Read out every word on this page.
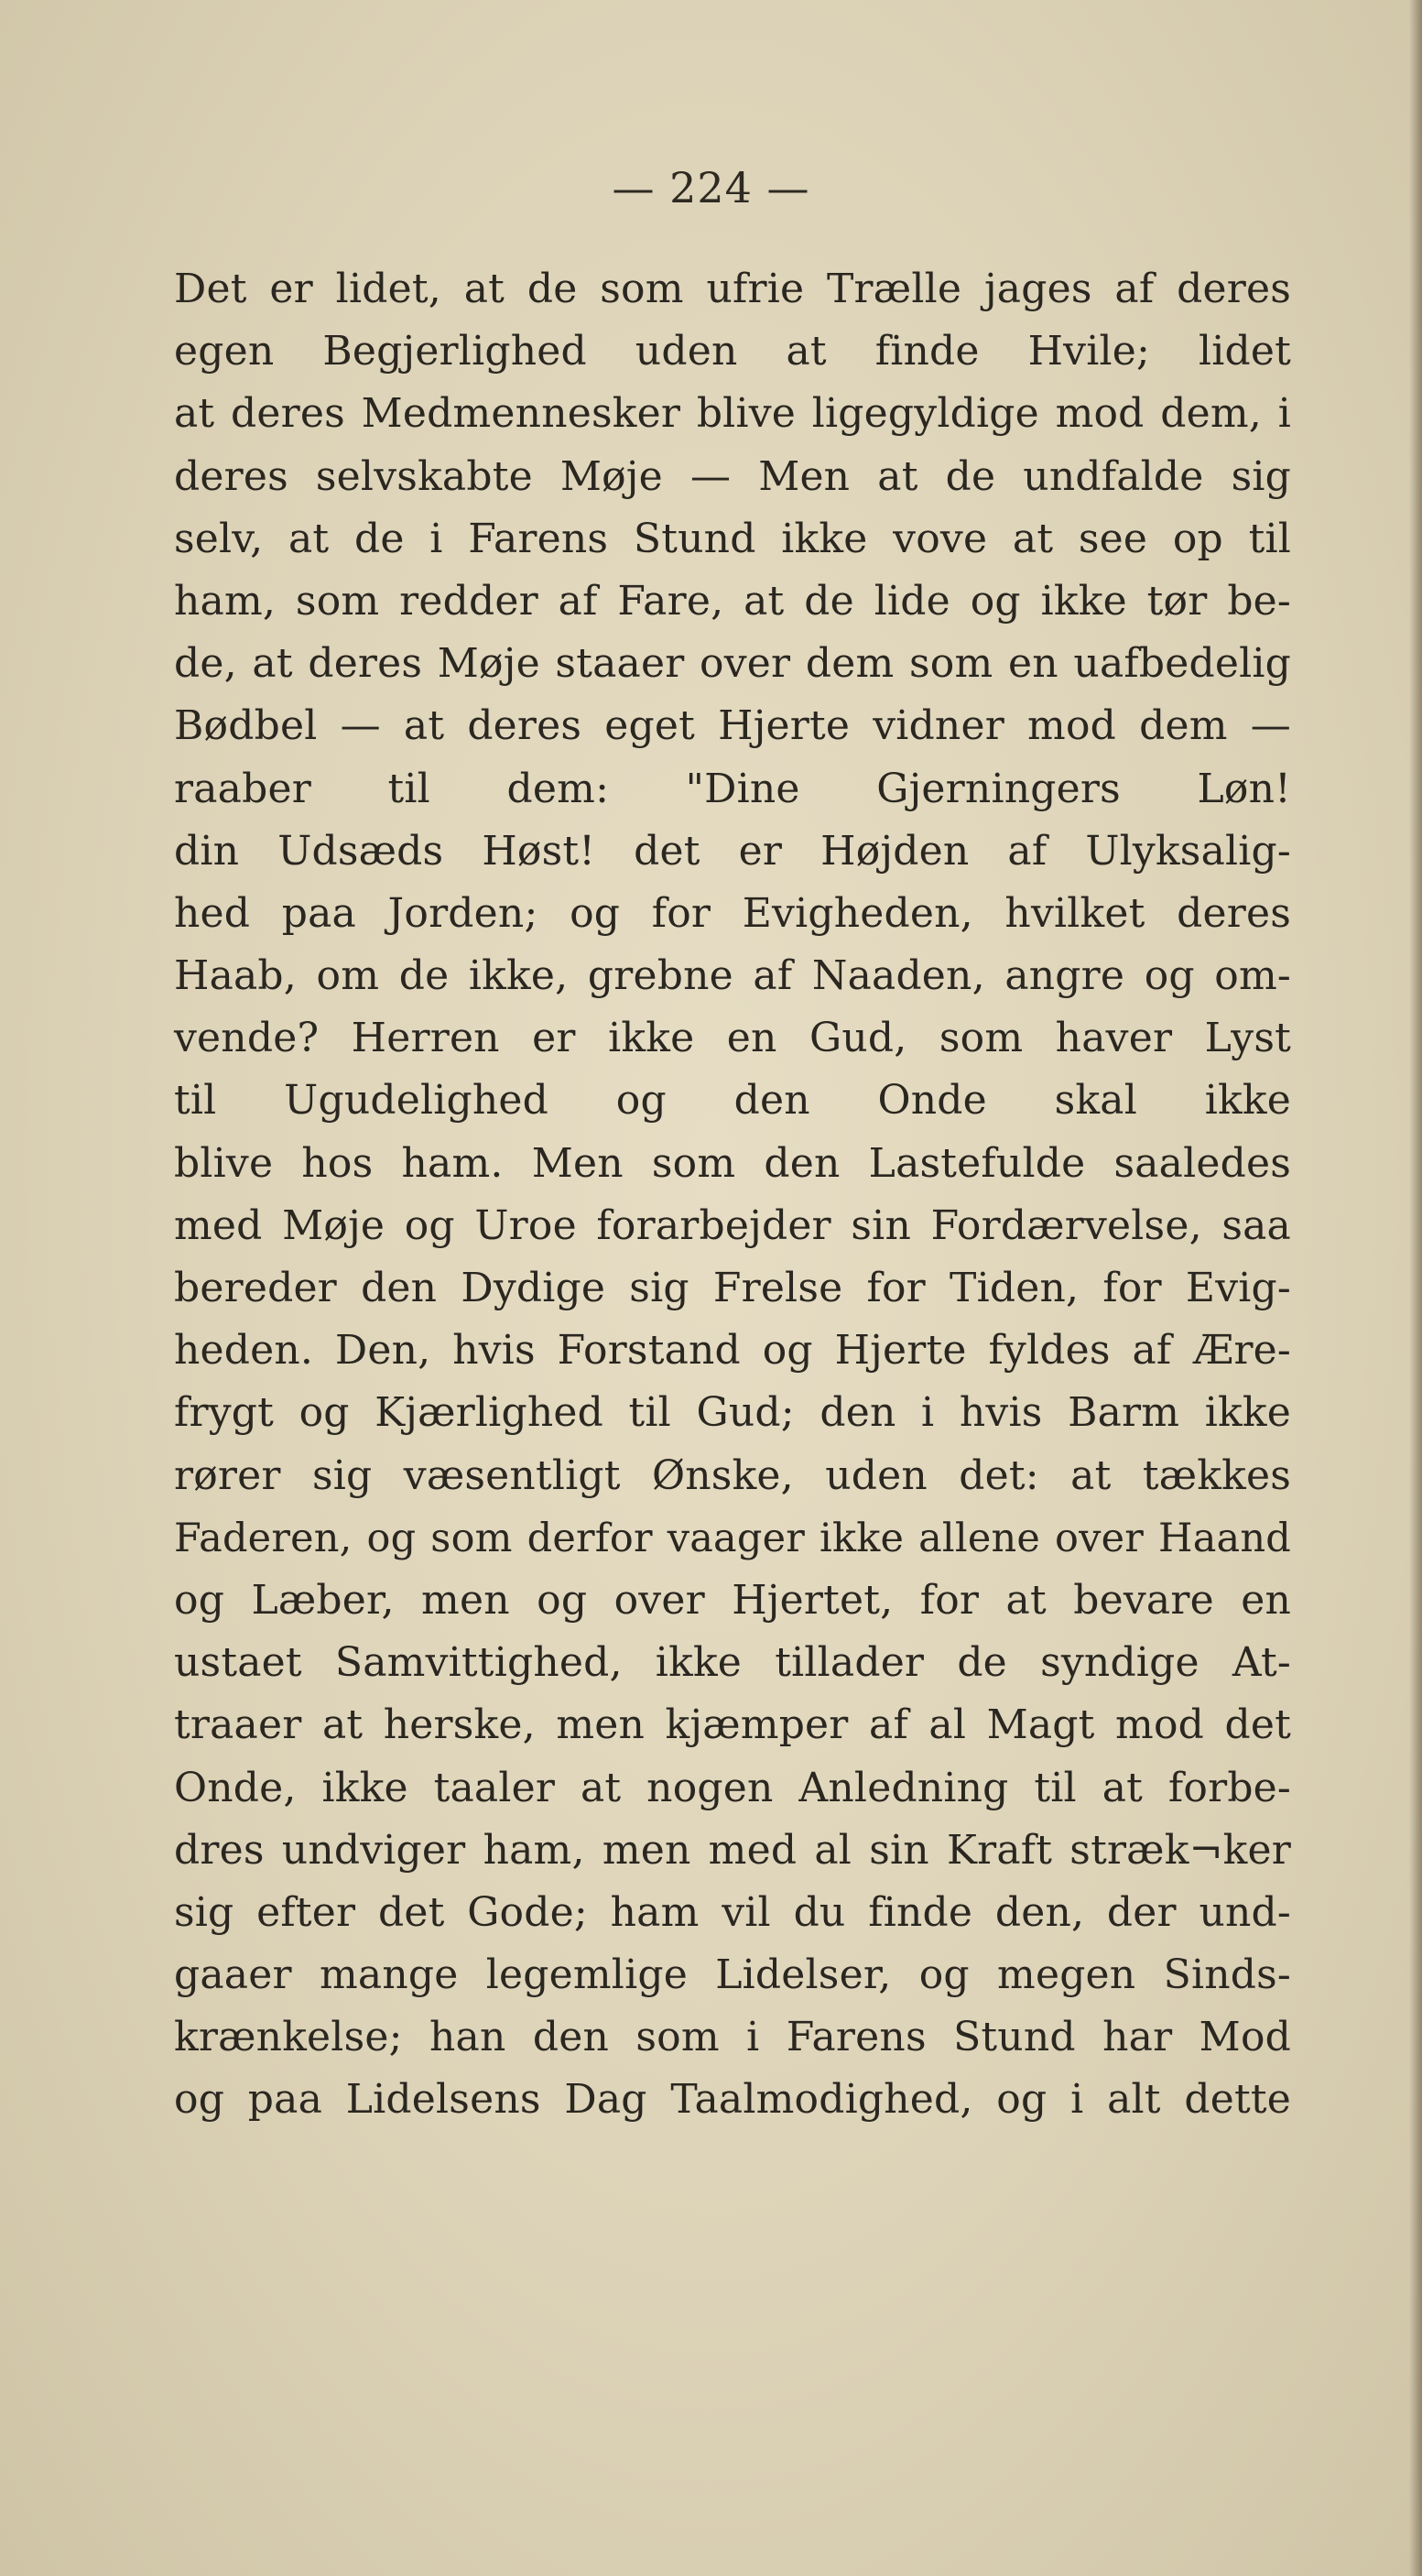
— 224 —
Det er lidet, at de som ufrie Trælle jages af deres
egen Begjerlighed uden at finde Hvile; lidet
at deres Medmennesker blive ligegyldige mod dem, i
deres selvskabte Møje — Men at de undfalde sig
selv, at de i Farens Stund ikke vove at see op til
ham, som redder af Fare, at de lide og ikke tør be-
de, at deres Møje staaer over dem som en uafbedelig
Bødbel — at deres eget Hjerte vidner mod dem —
raaber til dem: "Dine Gjerningers Løn!
din Udsæds Høst! det er Højden af Ulyksalig-
hed paa Jorden; og for Evigheden, hvilket deres
Haab, om de ikke, grebne af Naaden, angre og om-
vende? Herren er ikke en Gud, som haver Lyst
til Ugudelighed og den Onde skal ikke
blive hos ham. Men som den Lastefulde saaledes
med Møje og Uroe forarbejder sin Fordærvelse, saa
bereder den Dydige sig Frelse for Tiden, for Evig-
heden. Den, hvis Forstand og Hjerte fyldes af Ære-
frygt og Kjærlighed til Gud; den i hvis Barm ikke
rører sig væsentligt Ønske, uden det: at tækkes
Faderen, og som derfor vaager ikke allene over Haand
og Læber, men og over Hjertet, for at bevare en
ustaet Samvittighed, ikke tillader de syndige At-
traaer at herske, men kjæmper af al Magt mod det
Onde, ikke taaler at nogen Anledning til at forbe-
dres undviger ham, men med al sin Kraft stræk¬ker
sig efter det Gode; ham vil du finde den, der und-
gaaer mange legemlige Lidelser, og megen Sinds-
krænkelse; han den som i Farens Stund har Mod
og paa Lidelsens Dag Taalmodighed, og i alt dette
